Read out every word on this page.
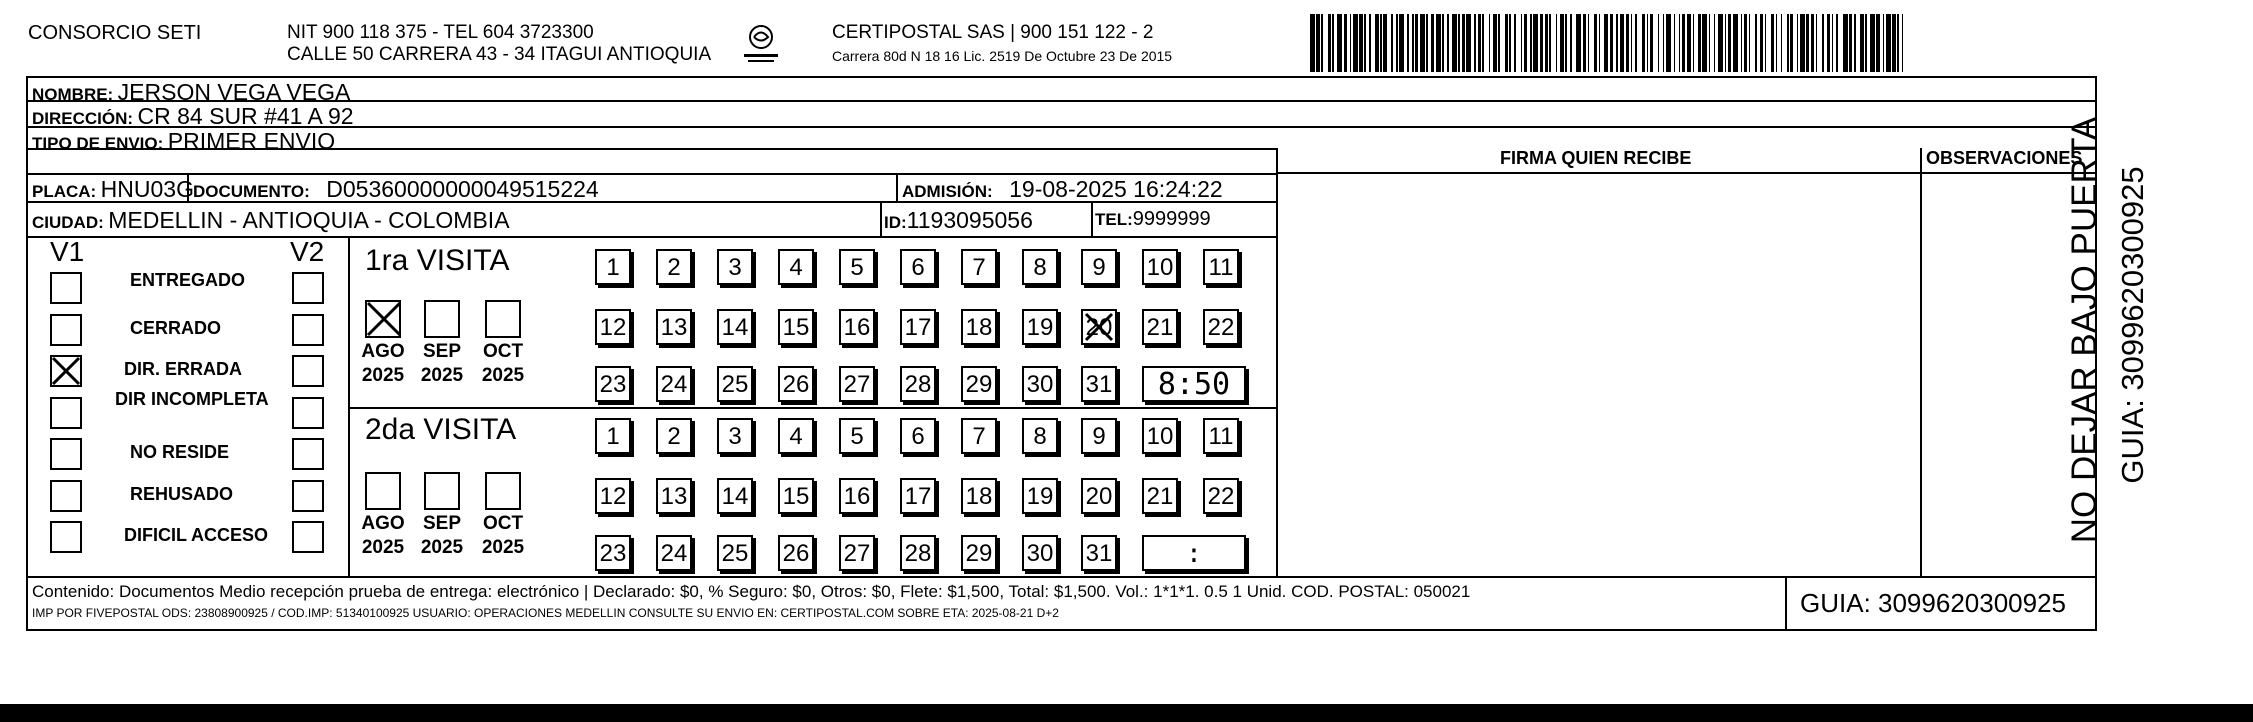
CONSORCIO SETI	NIT 900 118 375 - TEL 604 3723300
CALLE 50 CARRERA 43 - 34 ITAGUI ANTIOQUIA
CERTIPOSTAL SAS | 900 151 122 - 2
Carrera 80d N 18 16 Lic. 2519 De Octubre 23 De 2015
NOMBRE: JERSON VEGA VEGA
DIRECCIÓN: CR 84 SUR #41 A 92
TIPO DE ENVIO: PRIMER ENVIO
FIRMA QUIEN RECIBE	OBSERVACIONES
PLACA: HNU03G DOCUMENTO: D05360000000049515224	ADMISIÓN: 19-08-2025 16:24:22
CIUDAD: MEDELLIN - ANTIOQUIA - COLOMBIA	ID:1193095056	TEL:9999999
V1	V2 1ra VISITA
2da VISITA
Contenido: Documentos Medio recepción prueba de entrega: electrónico | Declarado: $0, % Seguro: $0, Otros: $0, Flete: $1,500, Total: $1,500. Vol.: 1*1*1. 0.5 1 Unid. COD. POSTAL: 050021
IMP POR FIVEPOSTAL ODS: 23808900925 / COD.IMP: 51340100925 USUARIO: OPERACIONES MEDELLIN CONSULTE SU ENVIO EN: CERTIPOSTAL.COM SOBRE ETA: 2025-08-21 D+2	GUIA: 3099620300925
NO DEJAR BAJO PUERTA GUIA: 3099620300925
ENTREGADO
CERRADO
DIR. ERRADA
DIR INCOMPLETA
NO RESIDE
REHUSADO
DIFICIL ACCESO
AGO
2025
SEP
2025
OCT
2025
AGO
2025
SEP
2025
OCT
2025
1	2	3	4	5	6	7	8	9	10 11
12 13 14 15 16 17 18 19 20 21 22
23 24 25 26 27 28 29 30 31	8:50
1	2	3	4	5	6	7	8	9	10 11
12 13 14 15 16 17 18 19 20 21 22
23 24 25 26 27 28 29 30 31	:
